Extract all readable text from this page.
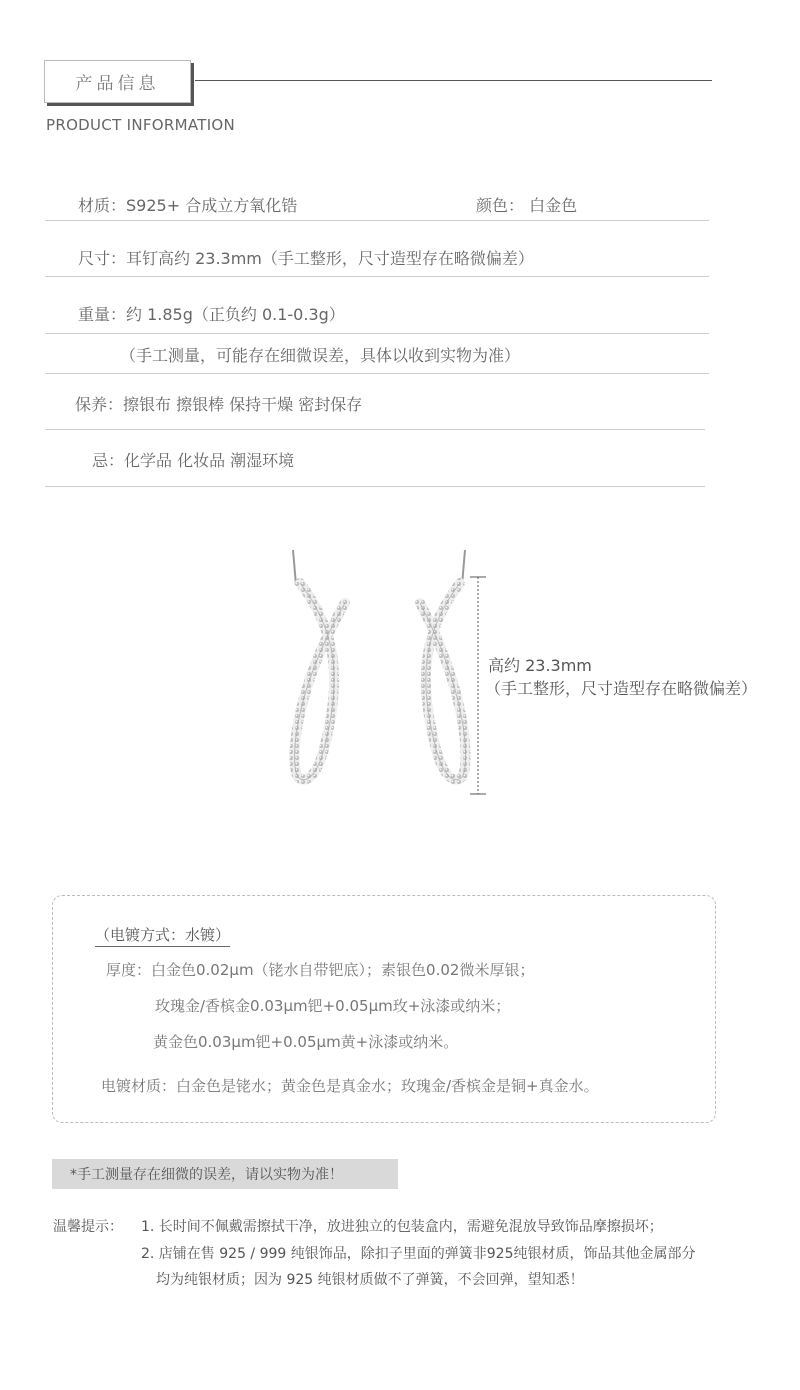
产品信息
PRODUCT INFORMATION
材质：S925+ 合成立方氧化锆	颜色： 白金色
尺寸：耳钉高约 23.3mm（手工整形，尺寸造型存在略微偏差）
重量：约 1.85g（正负约 0.1-0.3g）
（手工测量，可能存在细微误差，具体以收到实物为准）
保养：擦银布 擦银棒 保持干燥 密封保存
忌：化学品 化妆品 潮湿环境
高约 23.3mm
（手工整形，尺寸造型存在略微偏差）
（电镀方式：水镀）
厚度：白金色0.02μm（铑水自带钯底）；素银色0.02微米厚银；
玫瑰金/香槟金0.03μm钯+0.05μm玫+泳漆或纳米；
黄金色0.03μm钯+0.05μm黄+泳漆或纳米。
电镀材质：白金色是铑水；黄金色是真金水；玫瑰金/香槟金是铜+真金水。
*手工测量存在细微的误差，请以实物为准！
温馨提示： 1. 长时间不佩戴需擦拭干净，放进独立的包装盒内，需避免混放导致饰品摩擦损坏；
2. 店铺在售 925 / 999 纯银饰品，除扣子里面的弹簧非925纯银材质，饰品其他金属部分
均为纯银材质；因为 925 纯银材质做不了弹簧，不会回弹，望知悉！
